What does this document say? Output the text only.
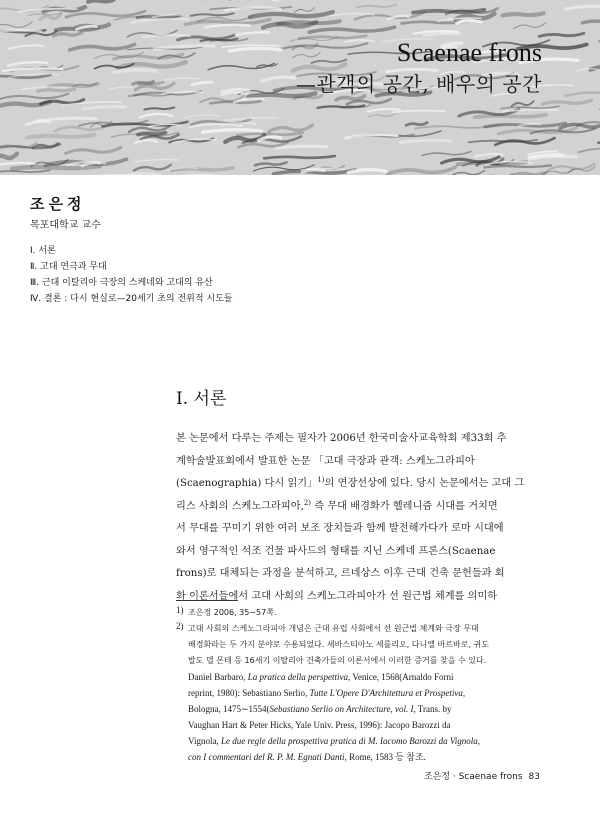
Scaenae frons
—관객의 공간, 배우의 공간
조은정
목포대학교 교수
Ⅰ. 서론
Ⅱ. 고대 연극과 무대
Ⅲ. 근대 이탈리아 극장의 스케네와 고대의 유산
Ⅳ. 결론 : 다시 현실로—20세기 초의 전위적 시도들
Ⅰ. 서론
본 논문에서 다루는 주제는 필자가 2006년 한국미술사교육학회 제33회 추
계학술발표회에서 발표한 논문 「고대 극장과 관객: 스케노그라피아
(Scaenographia) 다시 읽기」$^{1)}$의 연장선상에 있다. 당시 논문에서는 고대 그
리스 사회의 스케노그라피아,$^{2)}$ 즉 무대 배경화가 헬레니즘 시대를 거치면
서 무대를 꾸미기 위한 여러 보조 장치들과 함께 발전해가다가 로마 시대에
와서 영구적인 석조 건물 파사드의 형태를 지닌 스케네 프론스(Scaenae
frons)로 대체되는 과정을 분석하고, 르네상스 이후 근대 건축 문헌들과 회
화 이론서들에서 고대 사회의 스케노그라피아가 선 원근법 체계를 의미하
1) 조은정 2006, 35∼57쪽.
2) 고대 사회의 스케노그라피아 개념은 근대 유럽 사회에서 선 원근법 체계와 극장 무대
배경화라는 두 가지 분야로 수용되었다. 세바스티아노 세를리오, 다니엘 바르바로, 귀도
발도 델 몬테 등 16세기 이탈리아 건축가들의 이론서에서 이러한 증거를 찾을 수 있다.
Daniel Barbaro, La pratica della perspettiva, Venice, 1568(Arnaldo Forni
reprint, 1980): Sebastiano Serlio, Tutte L'Opere D'Architettura et Prospetiva,
Bologna, 1475∼1554(Sebastiano Serlio on Architecture, vol. I, Trans. by
Vaughan Hart & Peter Hicks, Yale Univ. Press, 1996): Jacopo Barozzi da
Vignola, Le due regle della prospettiva pratica di M. Iacomo Barozzi da Vignola,
con I commentari del R. P. M. Egnati Danti, Rome, 1583 등 참조.
조은정 · Scaenae frons 83
